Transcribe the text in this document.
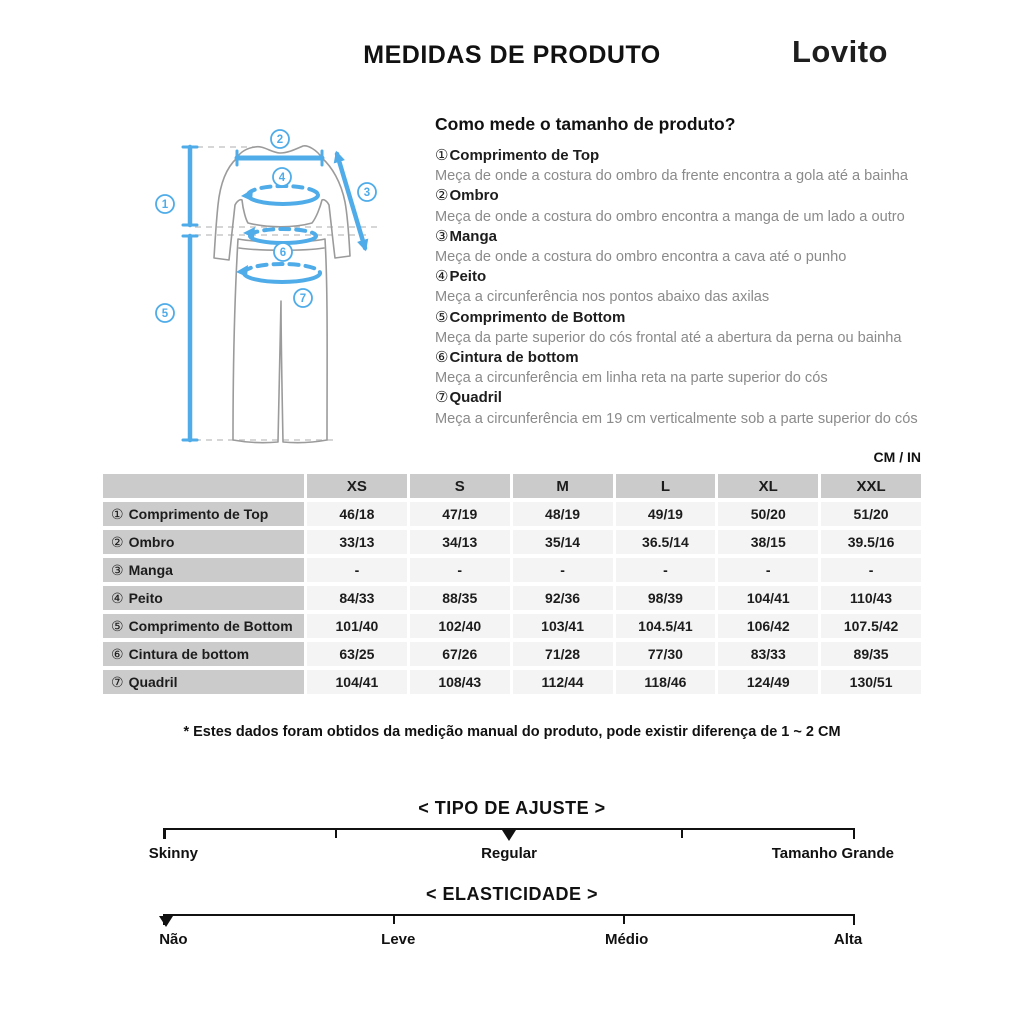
MEDIDAS DE PRODUTO	Lovito
1
2
3
4
5
6
7
Como mede o tamanho de produto?
①Comprimento de Top
Meça de onde a costura do ombro da frente encontra a gola até a bainha
②Ombro
Meça de onde a costura do ombro encontra a manga de um lado a outro
③Manga
Meça de onde a costura do ombro encontra a cava até o punho
④Peito
Meça a circunferência nos pontos abaixo das axilas
⑤Comprimento de Bottom
Meça da parte superior do cós frontal até a abertura da perna ou bainha
⑥Cintura de bottom
Meça a circunferência em linha reta na parte superior do cós
⑦Quadril
Meça a circunferência em 19 cm verticalmente sob a parte superior do cós
CM / IN
XS	S	M	L	XL	XXL
① Comprimento de Top	46/18	47/19	48/19	49/19	50/20	51/20
② Ombro	33/13	34/13	35/14	36.5/14	38/15	39.5/16
③ Manga	-	-	-	-	-	-
④ Peito	84/33	88/35	92/36	98/39	104/41	110/43
⑤ Comprimento de Bottom	101/40	102/40	103/41	104.5/41	106/42	107.5/42
⑥ Cintura de bottom	63/25	67/26	71/28	77/30	83/33	89/35
⑦ Quadril	104/41	108/43	112/44	118/46	124/49	130/51
* Estes dados foram obtidos da medição manual do produto, pode existir diferença de 1 ~ 2 CM
< TIPO DE AJUSTE >
Skinny	Regular	Tamanho Grande
< ELASTICIDADE >
Não	Leve	Médio	Alta
